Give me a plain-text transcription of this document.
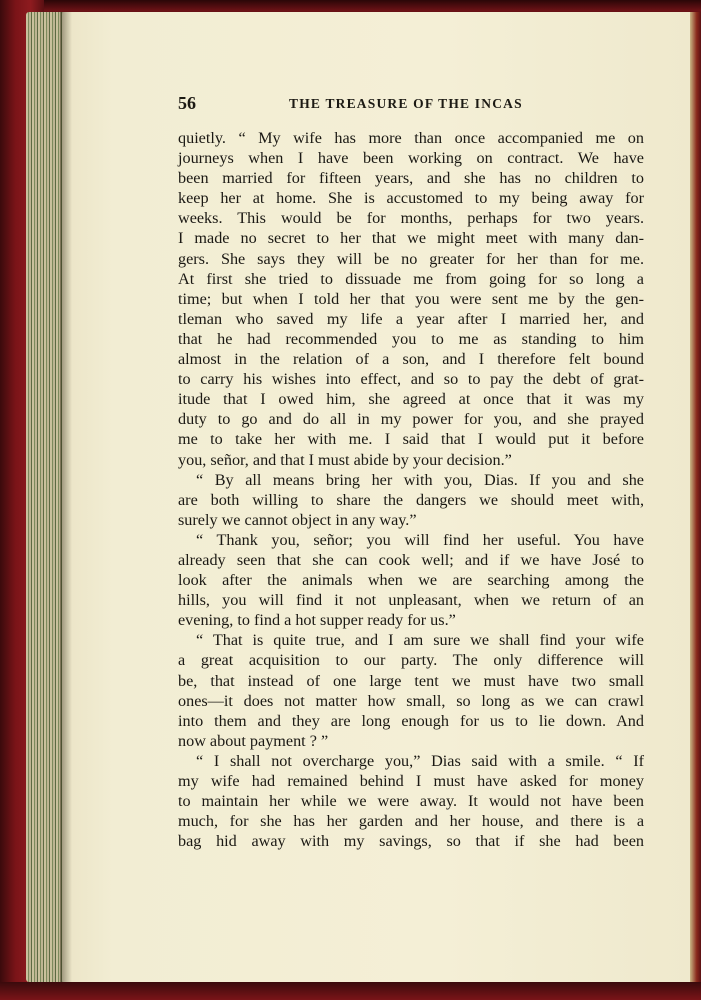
56	THE TREASURE OF THE INCAS
quietly. “ My wife has more than once accompanied me on
journeys when I have been working on contract. We have
been married for fifteen years, and she has no children to
keep her at home. She is accustomed to my being away for
weeks. This would be for months, perhaps for two years.
I made no secret to her that we might meet with many dan-
gers. She says they will be no greater for her than for me.
At first she tried to dissuade me from going for so long a
time; but when I told her that you were sent me by the gen-
tleman who saved my life a year after I married her, and
that he had recommended you to me as standing to him
almost in the relation of a son, and I therefore felt bound
to carry his wishes into effect, and so to pay the debt of grat-
itude that I owed him, she agreed at once that it was my
duty to go and do all in my power for you, and she prayed
me to take her with me. I said that I would put it before
you, señor, and that I must abide by your decision.”
“ By all means bring her with you, Dias. If you and she
are both willing to share the dangers we should meet with,
surely we cannot object in any way.”
“ Thank you, señor; you will find her useful. You have
already seen that she can cook well; and if we have José to
look after the animals when we are searching among the
hills, you will find it not unpleasant, when we return of an
evening, to find a hot supper ready for us.”
“ That is quite true, and I am sure we shall find your wife
a great acquisition to our party. The only difference will
be, that instead of one large tent we must have two small
ones—it does not matter how small, so long as we can crawl
into them and they are long enough for us to lie down. And
now about payment ? ”
“ I shall not overcharge you,” Dias said with a smile. “ If
my wife had remained behind I must have asked for money
to maintain her while we were away. It would not have been
much, for she has her garden and her house, and there is a
bag hid away with my savings, so that if she had been
